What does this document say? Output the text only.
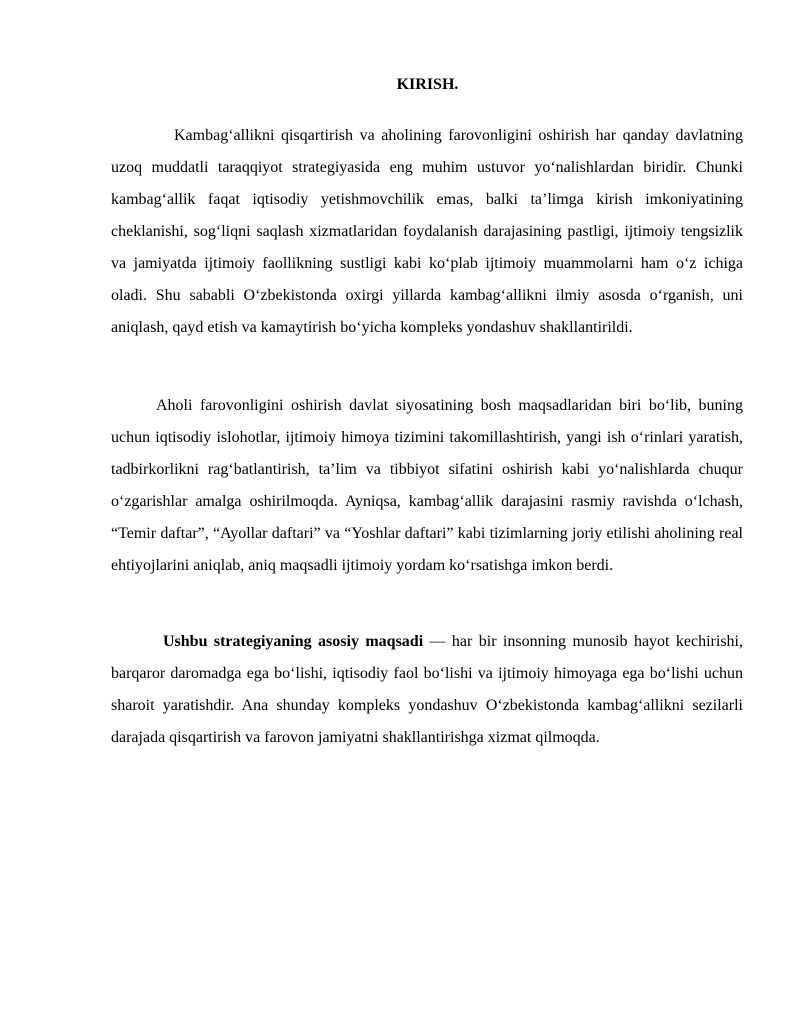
KIRISH.

Kambag‘allikni qisqartirish va aholining farovonligini oshirish har qanday davlatning uzoq muddatli taraqqiyot strategiyasida eng muhim ustuvor yo‘nalishlardan biridir. Chunki kambag‘allik faqat iqtisodiy yetishmovchilik emas, balki ta’limga kirish imkoniyatining cheklanishi, sog‘liqni saqlash xizmatlaridan foydalanish darajasining pastligi, ijtimoiy tengsizlik va jamiyatda ijtimoiy faollikning sustligi kabi ko‘plab ijtimoiy muammolarni ham o‘z ichiga oladi. Shu sababli O‘zbekistonda oxirgi yillarda kambag‘allikni ilmiy asosda o‘rganish, uni aniqlash, qayd etish va kamaytirish bo‘yicha kompleks yondashuv shakllantirildi.

Aholi farovonligini oshirish davlat siyosatining bosh maqsadlaridan biri bo‘lib, buning uchun iqtisodiy islohotlar, ijtimoiy himoya tizimini takomillashtirish, yangi ish o‘rinlari yaratish, tadbirkorlikni rag‘batlantirish, ta’lim va tibbiyot sifatini oshirish kabi yo‘nalishlarda chuqur o‘zgarishlar amalga oshirilmoqda. Ayniqsa, kambag‘allik darajasini rasmiy ravishda o‘lchash, “Temir daftar”, “Ayollar daftari” va “Yoshlar daftari” kabi tizimlarning joriy etilishi aholining real ehtiyojlarini aniqlab, aniq maqsadli ijtimoiy yordam ko‘rsatishga imkon berdi.

Ushbu strategiyaning asosiy maqsadi — har bir insonning munosib hayot kechirishi, barqaror daromadga ega bo‘lishi, iqtisodiy faol bo‘lishi va ijtimoiy himoyaga ega bo‘lishi uchun sharoit yaratishdir. Ana shunday kompleks yondashuv O‘zbekistonda kambag‘allikni sezilarli darajada qisqartirish va farovon jamiyatni shakllantirishga xizmat qilmoqda.
